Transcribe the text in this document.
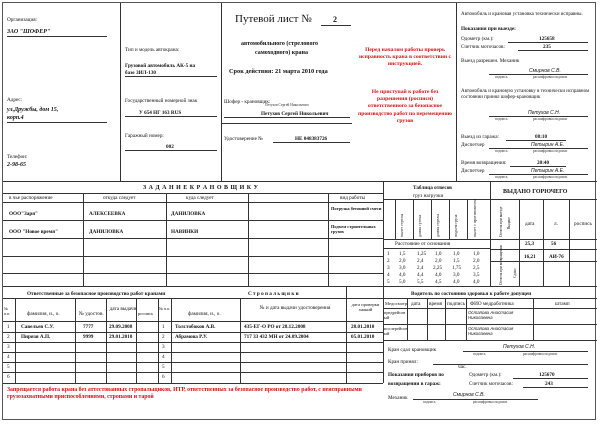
Организация:
ЗАО "ШОФЕР"
Адрес:
ул.Дружбы, дом 15,
корп.4
Телефон:
2-98-65
Тип и модель автокрана:
Грузовой автомобиль АК-5 на
базе ЗИЛ-130
Государственный номерной знак
У 654 НГ 163 RUS
Гаражный номер:
002
Путевой лист №	2
автомобильного (стрелового
самоходного) крана
Срок действия: 21 марта 2010 года
Шофер - крановщик:
Петухов Сергей Никольевич
Петухов Сергей Никольевич
Удостоверение №	НЕ 048383726
Перед началом работы проверь исправность крана в соответствии с инструкцией.
Не приступай к работе без разрешения (росписи) ответственного за безопасное производство работ по перемещению грузов
Автомобиль и крановая установка технически исправны.
Показания при выезде:
Одометр (км.):	125658
Счетчик моточасов:	235
Выезд разрешен. Механик
Смирнов С.В.
подпись	расшифровка подписи
Автомобиль и крановую установку в технически исправном состоянии принял шофер-крановщик
Петухов С.Н.
подпись	расшифровка подписи
Выезд из гаража:	08:10
Диспетчер	Петырин А.Е.
подпись	расшифровка подписи
Время возвращения:	20:40
Диспетчер	Петырин А.Е.
подпись	расшифровка подписи
З А Д А Н И Е К Р А Н О В Щ И К У
в чье распоряжение	откуда следует	куда следует	вид работы
ООО"Заря"	АЛЕКСЕЕВКА	ДАНИЛОВКА
Погрузка бетонной смеси
ООО "Новое время"	ДАНИЛОВКА	НАВИНКИ
Подъем строительных грузов
Таблица отвесов
груз нагрузки
вылет стрелы	длина гусека	длина стрелы	подъем груза	вылет с противовесом
Расстояние от основания
1 1,5 1,25 1,0 1,0	1,0
2 2,0 2,4 2,0 1,5	2,0
3 3,0 2,4 2,25 1,75 2,5
4 4,0 4,4 4,0 3,0	3,5
5 5,0 5,5 4,5 4,0	4,0
ВЫДАНО ГОРЮЧЕГО
дата	л.	роспись
25,3	56
16,21	АИ-76
Остаток при выезде Выдано
Остаток при возвращении	Сдано
Ответственные за безопасное производство работ кранами	С т р о п а л ь щ и к и
№ п.п.	фамилия, и., о.	№ удостов.
дата выдачи
роспись
№ п.п.
фамилия, и., о.
№ и дата выдачи удостоверения
дата проверки знаний
1 Савельев С.У.	7777	29.09.2008	1 Толстобоков А.В.	435-ЕГ-О РО от 28.12.2008	28.01.2010
2 Пирязя А.П.	9999	29.01.2010	2 Абрамова Р.У.	717 33 432 МН от 24.09.2004	05.01.2010
3	3
4	4
5	5
6	6
Водитель по состоянию здоровья к работе допущен
Медосмотр дата время подпись ФИО медработника	штамп
предрейсовый
Остапова Анастасия Николаевна
послерейсовый
Остапова Анастасия Николаевна
Кран сдал крановщик	Петухов С.Н.
подпись	расшифровка подписи
Кран принял:
час.
Показания приборов по	Одометр (км.):	125670
возвращении в гараж:	Счетчик моточасов:	243
Механик	Смирнов С.В.
подпись	расшифровка подписи
Запрещается работа крана без аттестованных стропальщиков, ИТР, ответственных за безопасное производство работ, с неисправными грузозахватными приспособлениями, стропами и тарой
